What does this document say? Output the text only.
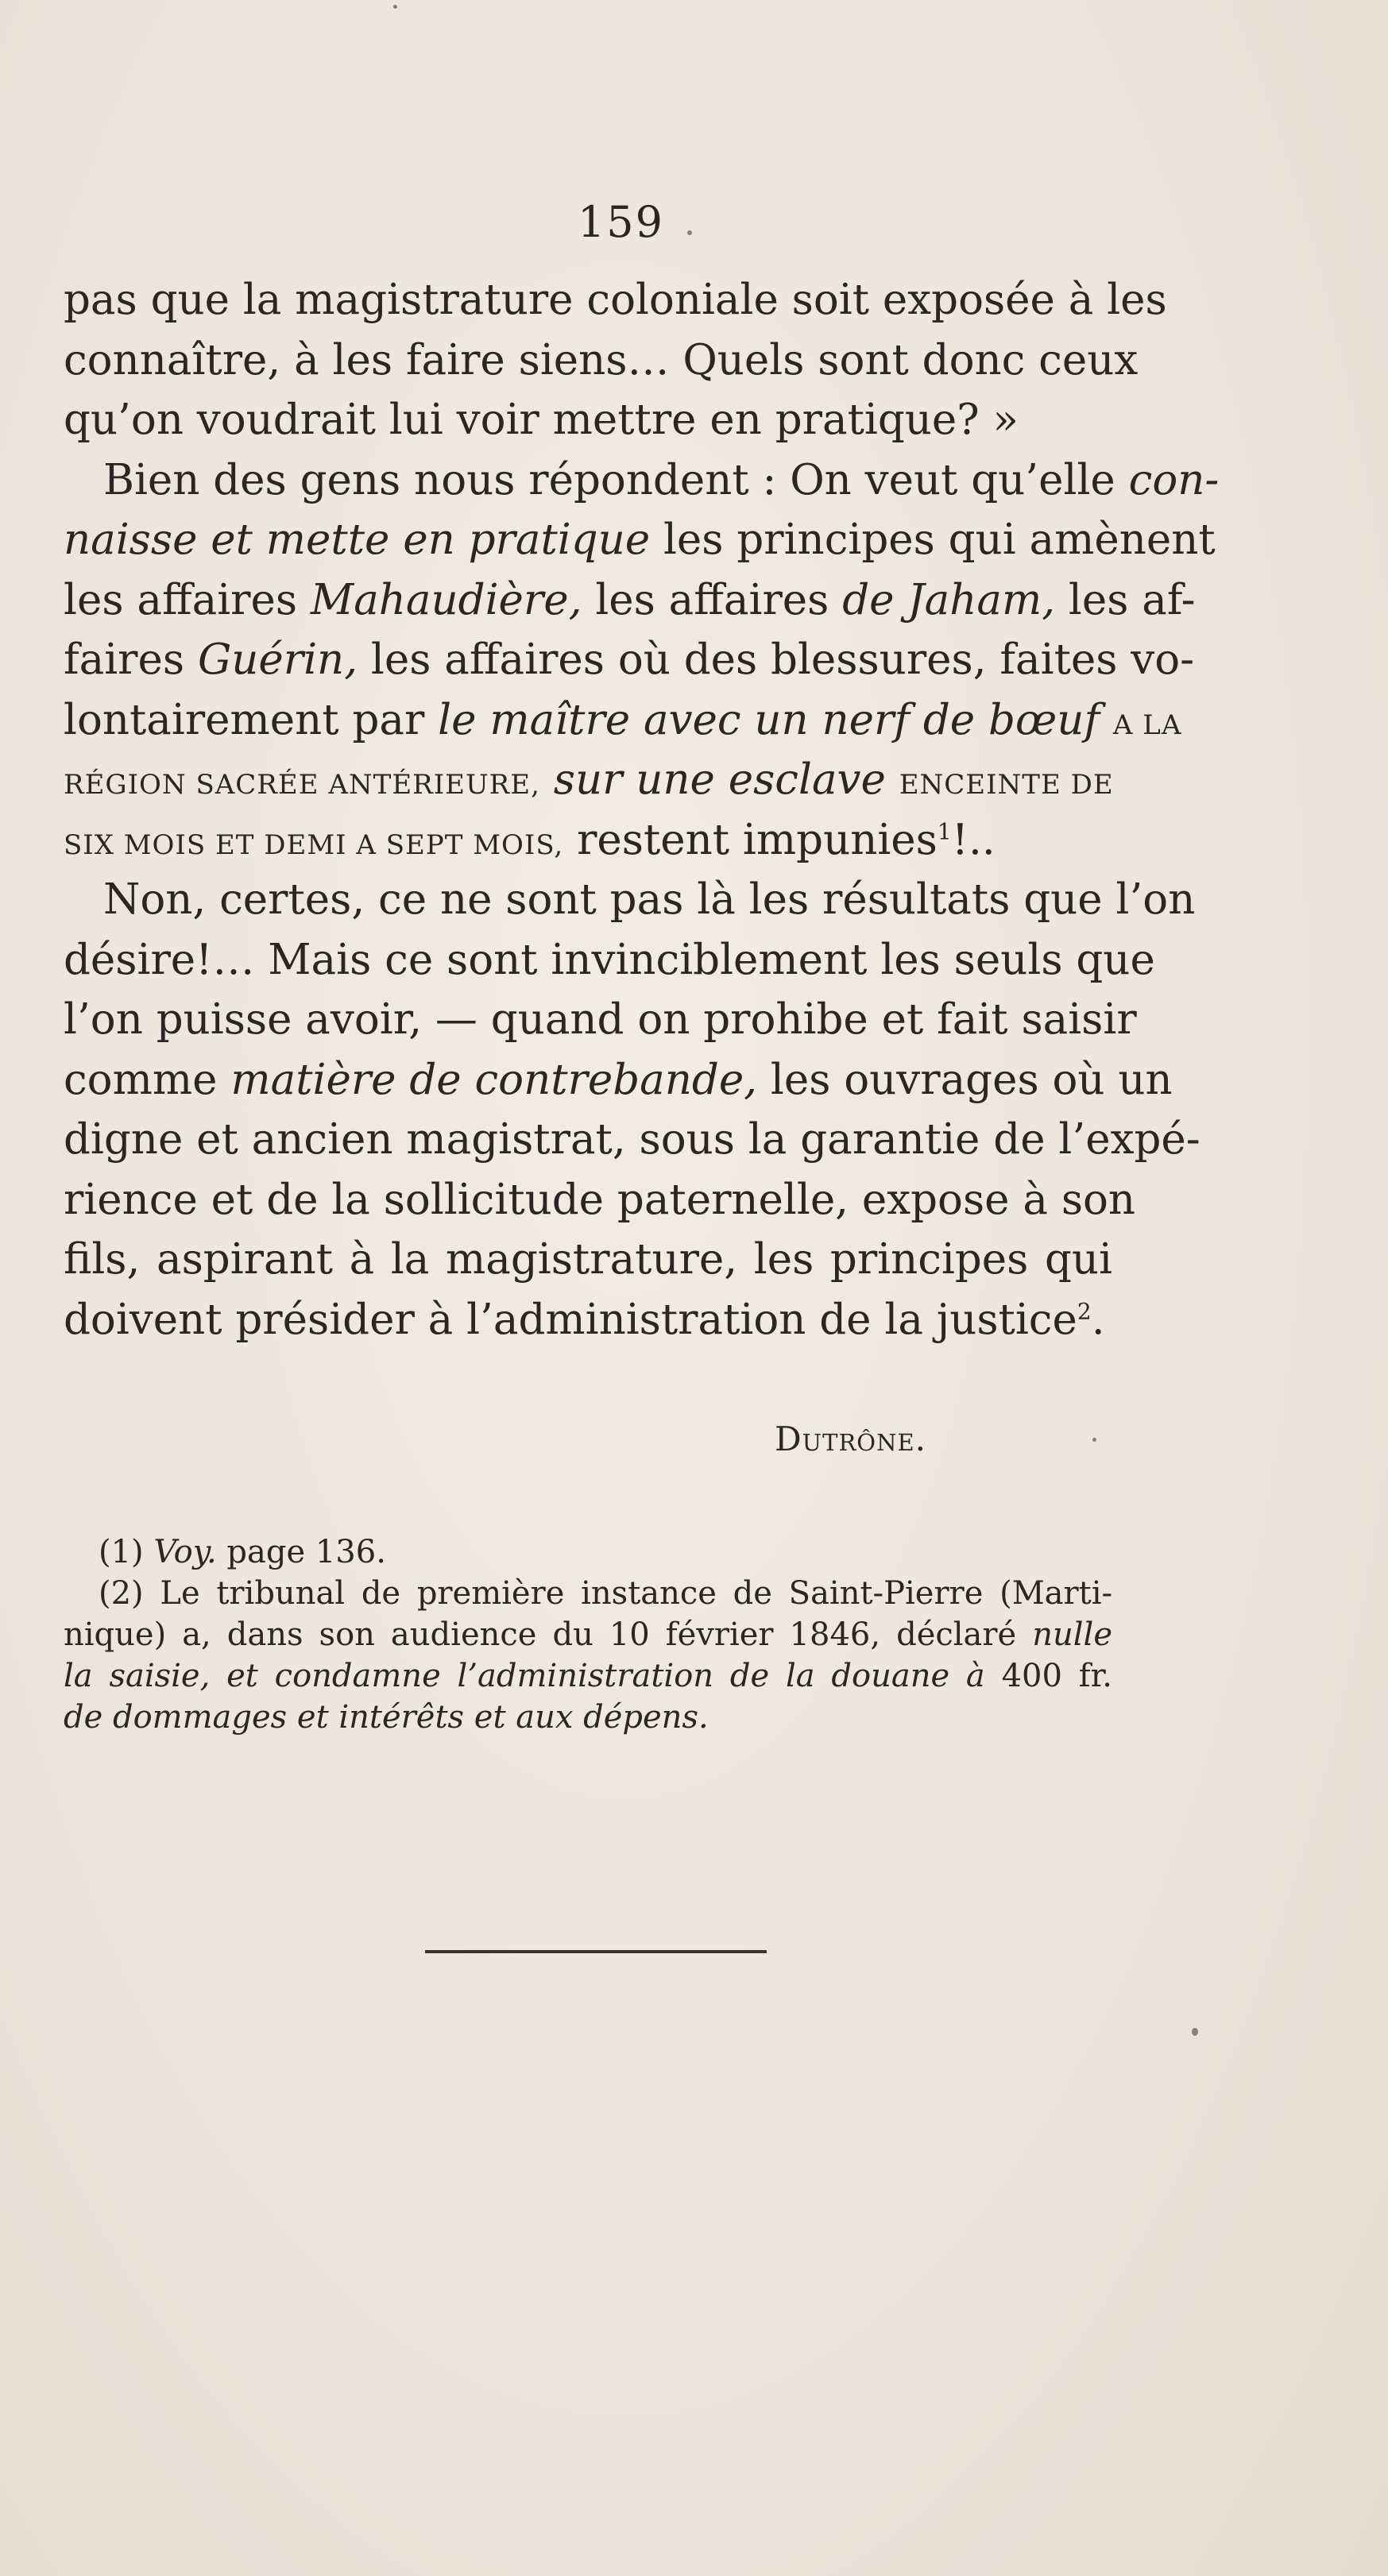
159

pas que la magistrature coloniale soit exposée à les
connaître, à les faire siens… Quels sont donc ceux
qu’on voudrait lui voir mettre en pratique? »
Bien des gens nous répondent : On veut qu’elle con-
naisse et mette en pratique les principes qui amènent
les affaires Mahaudière, les affaires de Jaham, les af-
faires Guérin, les affaires où des blessures, faites vo-
lontairement par le maître avec un nerf de bœuf A LA
RÉGION SACRÉE ANTÉRIEURE, sur une esclave ENCEINTE DE
SIX MOIS ET DEMI A SEPT MOIS, restent impunies$^1$!..
Non, certes, ce ne sont pas là les résultats que l’on
désire!… Mais ce sont invinciblement les seuls que
l’on puisse avoir, — quand on prohibe et fait saisir
comme matière de contrebande, les ouvrages où un
digne et ancien magistrat, sous la garantie de l’expé-
rience et de la sollicitude paternelle, expose à son
fils, aspirant à la magistrature, les principes qui
doivent présider à l’administration de la justice$^2$.

Dutrône.

(1) Voy. page 136.
(2) Le tribunal de première instance de Saint-Pierre (Marti-
nique) a, dans son audience du 10 février 1846, déclaré nulle
la saisie, et condamne l’administration de la douane à 400 fr.
de dommages et intérêts et aux dépens.
